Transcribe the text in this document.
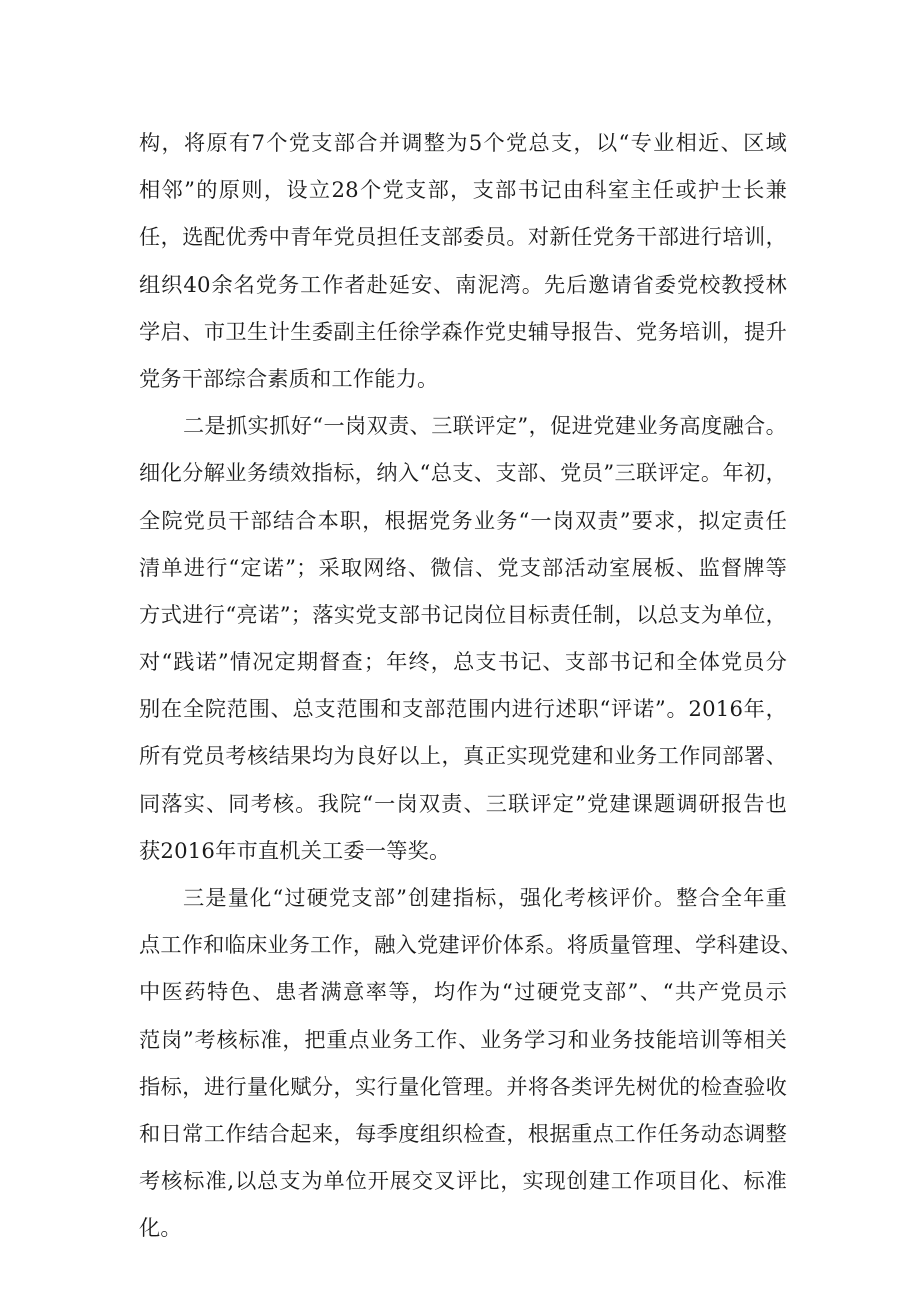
构，将原有7个党支部合并调整为5个党总支，以“专业相近、区域
相邻”的原则，设立28个党支部，支部书记由科室主任或护士长兼
任，选配优秀中青年党员担任支部委员。对新任党务干部进行培训，
组织40余名党务工作者赴延安、南泥湾。先后邀请省委党校教授林
学启、市卫生计生委副主任徐学森作党史辅导报告、党务培训，提升
党务干部综合素质和工作能力。
二是抓实抓好“一岗双责、三联评定”，促进党建业务高度融合。
细化分解业务绩效指标，纳入“总支、支部、党员”三联评定。年初，
全院党员干部结合本职，根据党务业务“一岗双责”要求，拟定责任
清单进行“定诺”；采取网络、微信、党支部活动室展板、监督牌等
方式进行“亮诺”；落实党支部书记岗位目标责任制，以总支为单位，
对“践诺”情况定期督查；年终，总支书记、支部书记和全体党员分
别在全院范围、总支范围和支部范围内进行述职“评诺”。2016年，
所有党员考核结果均为良好以上，真正实现党建和业务工作同部署、
同落实、同考核。我院“一岗双责、三联评定”党建课题调研报告也
获2016年市直机关工委一等奖。
三是量化“过硬党支部”创建指标，强化考核评价。整合全年重
点工作和临床业务工作，融入党建评价体系。将质量管理、学科建设、
中医药特色、患者满意率等，均作为“过硬党支部”、“共产党员示
范岗”考核标准，把重点业务工作、业务学习和业务技能培训等相关
指标，进行量化赋分，实行量化管理。并将各类评先树优的检查验收
和日常工作结合起来，每季度组织检查，根据重点工作任务动态调整
考核标准,以总支为单位开展交叉评比，实现创建工作项目化、标准
化。
